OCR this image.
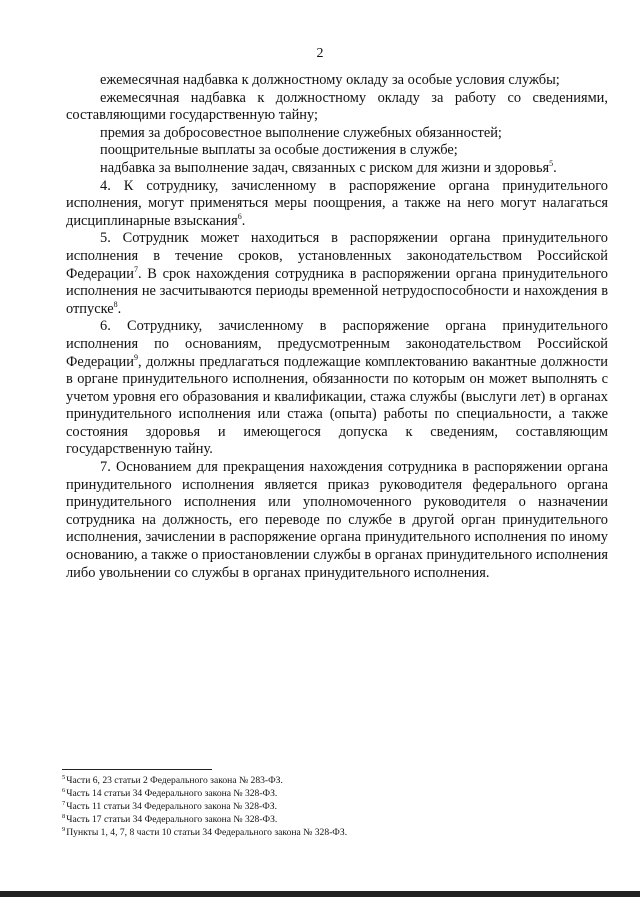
2

ежемесячная надбавка к должностному окладу за особые условия службы;

ежемесячная надбавка к должностному окладу за работу со сведениями, составляющими государственную тайну;

премия за добросовестное выполнение служебных обязанностей;

поощрительные выплаты за особые достижения в службе;

надбавка за выполнение задач, связанных с риском для жизни и здоровья$^5$.

4. К сотруднику, зачисленному в распоряжение органа принудительного исполнения, могут применяться меры поощрения, а также на него могут налагаться дисциплинарные взыскания$^6$.

5. Сотрудник может находиться в распоряжении органа принудительного исполнения в течение сроков, установленных законодательством Российской Федерации$^7$. В срок нахождения сотрудника в распоряжении органа принудительного исполнения не засчитываются периоды временной нетрудоспособности и нахождения в отпуске$^8$.

6. Сотруднику, зачисленному в распоряжение органа принудительного исполнения по основаниям, предусмотренным законодательством Российской Федерации$^9$, должны предлагаться подлежащие комплектованию вакантные должности в органе принудительного исполнения, обязанности по которым он может выполнять с учетом уровня его образования и квалификации, стажа службы (выслуги лет) в органах принудительного исполнения или стажа (опыта) работы по специальности, а также состояния здоровья и имеющегося допуска к сведениям, составляющим государственную тайну.

7. Основанием для прекращения нахождения сотрудника в распоряжении органа принудительного исполнения является приказ руководителя федерального органа принудительного исполнения или уполномоченного руководителя о назначении сотрудника на должность, его переводе по службе в другой орган принудительного исполнения, зачислении в распоряжение органа принудительного исполнения по иному основанию, а также о приостановлении службы в органах принудительного исполнения либо увольнении со службы в органах принудительного исполнения.

$^5$Части 6, 23 статьи 2 Федерального закона № 283-ФЗ.
$^6$Часть 14 статьи 34 Федерального закона № 328-ФЗ.
$^7$Часть 11 статьи 34 Федерального закона № 328-ФЗ.
$^8$Часть 17 статьи 34 Федерального закона № 328-ФЗ.
$^9$Пункты 1, 4, 7, 8 части 10 статьи 34 Федерального закона № 328-ФЗ.
